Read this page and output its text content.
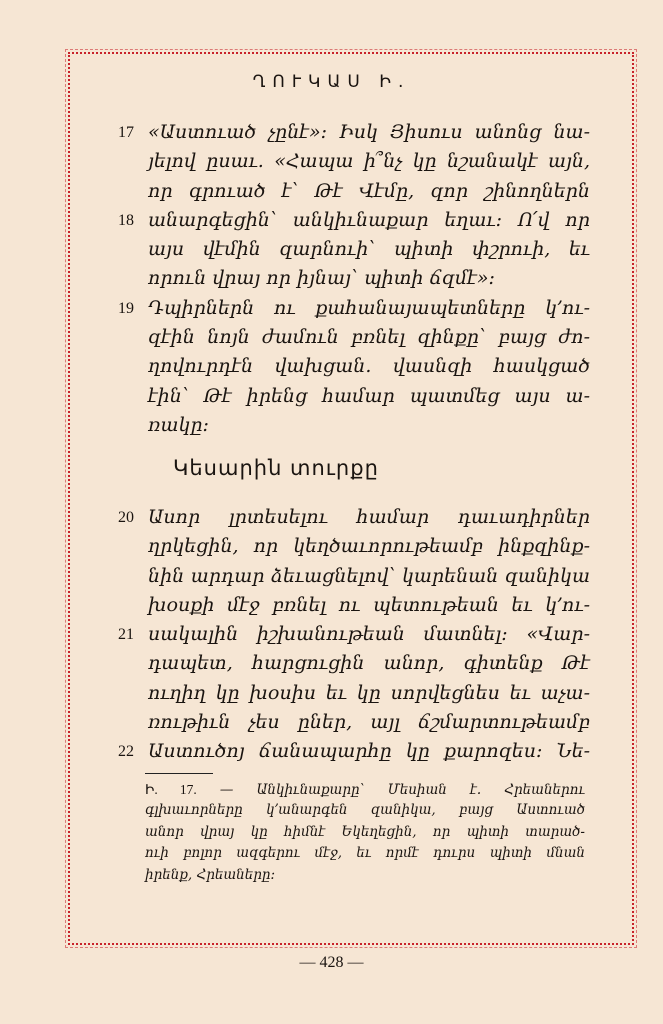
ՂՈՒԿԱՍ Ի.
17 «Աստուած չընէ»։ Իսկ Յիսուս անոնց նա-
յելով ըսաւ. «Հապա ի՞նչ կը նշանակէ այն,
որ գրուած է՝ Թէ Վէմը, զոր շինողներն
18 անարգեցին՝ անկիւնաքար եղաւ։ Ո՛վ որ
այս վէմին զարնուի՝ պիտի փշրուի, եւ
որուն վրայ որ իյնայ՝ պիտի ճզմէ»։
19 Դպիրներն ու քահանայապետները կ՚ու-
զէին նոյն ժամուն բռնել զինքը՝ բայց ժո-
ղովուրդէն վախցան. վասնզի հասկցած
էին՝ Թէ իրենց համար պատմեց այս ա-
ռակը։
Կեսարին տուրքը
20 Ասոր լրտեսելու համար դաւադիրներ
ղրկեցին, որ կեղծաւորութեամբ ինքզինք-
նին արդար ձեւացնելով՝ կարենան զանիկա
խօսքի մէջ բռնել ու պետութեան եւ կ՚ու-
21 սակալին իշխանութեան մատնել։ «Վար-
դապետ, հարցուցին անոր, գիտենք Թէ
ուղիղ կը խօսիս եւ կը սորվեցնես եւ աչա-
ռութիւն չես ըներ, այլ ճշմարտութեամբ
22 Աստուծոյ ճանապարհը կը քարոզես։ Նե-
Ի. 17. — Անկիւնաքարը՝ Մեսիան է. Հրեաներու
գլխաւորները կ՚անարգեն զանիկա, բայց Աստուած
անոր վրայ կը հիմնէ Եկեղեցին, որ պիտի տարած-
ուի բոլոր ազգերու մէջ, եւ որմէ դուրս պիտի մնան
իրենք, Հրեաները։
— 428 —
